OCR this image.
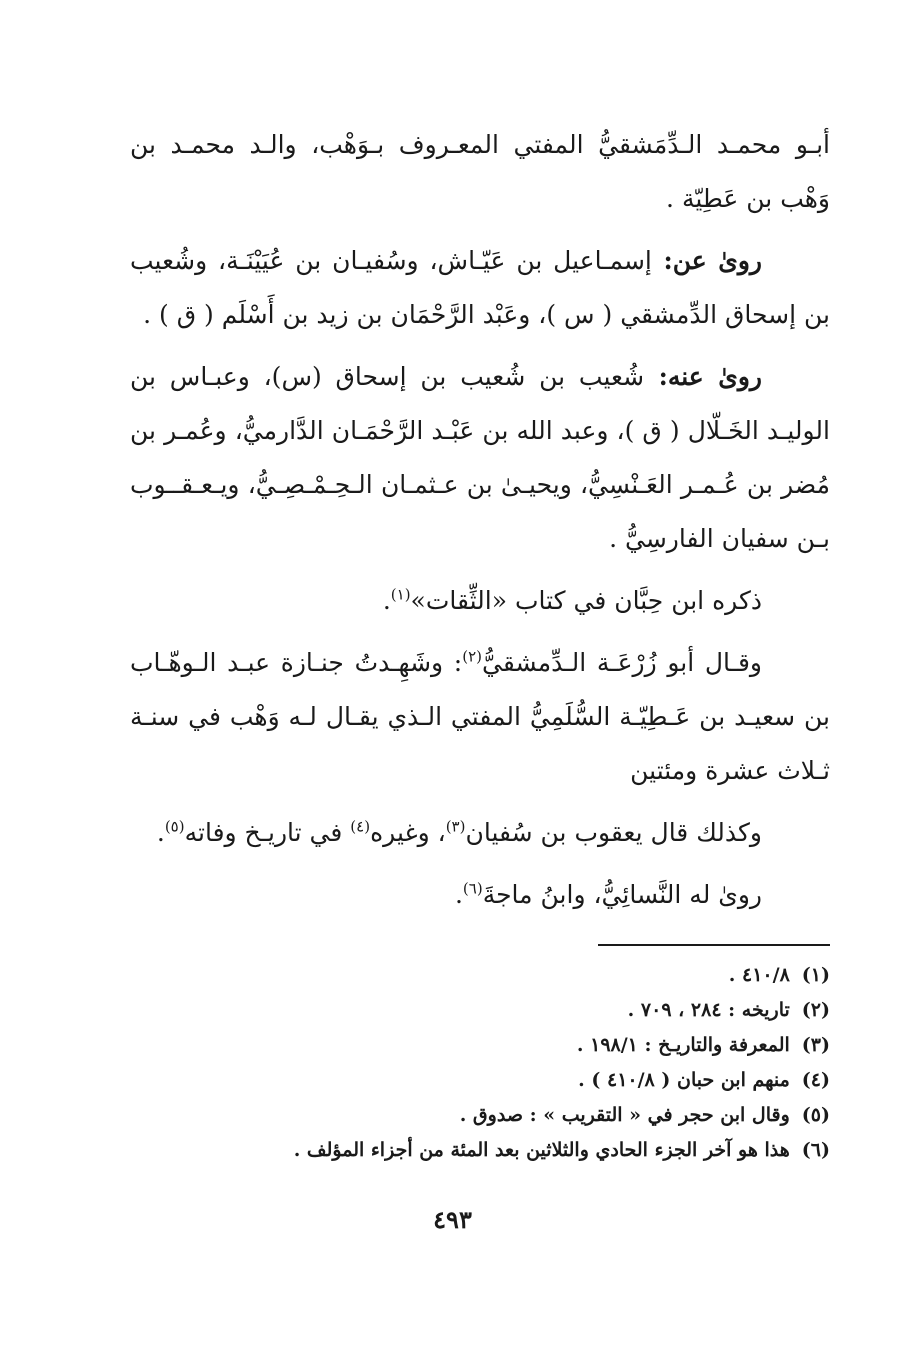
أبـو محمـد الـدِّمَشقيُّ المفتي المعـروف بـوَهْب، والـد محمـد بن وَهْب بن عَطِيّة .

روىٰ عن: إسمـاعيل بن عَيّـاش، وسُفيـان بن عُيَيْنَـة، وشُعيب بن إسحاق الدِّمشقي ( س )، وعَبْد الرَّحْمَان بن زيد بن أَسْلَم ( ق ) .

روىٰ عنه: شُعيب بن شُعيب بن إسحاق (س)، وعبـاس بن الوليـد الخَـلّال ( ق )، وعبد الله بن عَبْـد الرَّحْمَـان الدَّارميُّ، وعُمـر بن مُضر بن عُـمـر العَـنْسِيُّ، ويحيـىٰ بن عـثمـان الـحِـمْـصِـيُّ، ويـعـقــوب بـن سفيان الفارسِيُّ .

ذكره ابن حِبَّان في كتاب «الثِّقات»$^{(١)}$.

وقـال أبو زُرْعَـة الـدِّمشقيُّ$^{(٢)}$: وشَهِـدتُ جنـازة عبـد الـوهّـاب بن سعيـد بن عَـطِيّـة السُّلَمِيُّ المفتي الـذي يقـال لـه وَهْب في سنـة ثـلاث عشرة ومئتين

وكذلك قال يعقوب بن سُفيان$^{(٣)}$، وغيره$^{(٤)}$ في تاريـخ وفاته$^{(٥)}$.

روىٰ له النَّسائِيُّ، وابنُ ماجةَ$^{(٦)}$.

(١)٤١٠/٨ .
(٢)تاريخه : ٢٨٤ ، ٧٠٩ .
(٣)المعرفة والتاريـخ : ١٩٨/١ .
(٤)منهم ابن حبان ( ٤١٠/٨ ) .
(٥)وقال ابن حجر في « التقريب » : صدوق .
(٦)هذا هو آخر الجزء الحادي والثلاثين بعد المئة من أجزاء المؤلف .
٤٩٣
